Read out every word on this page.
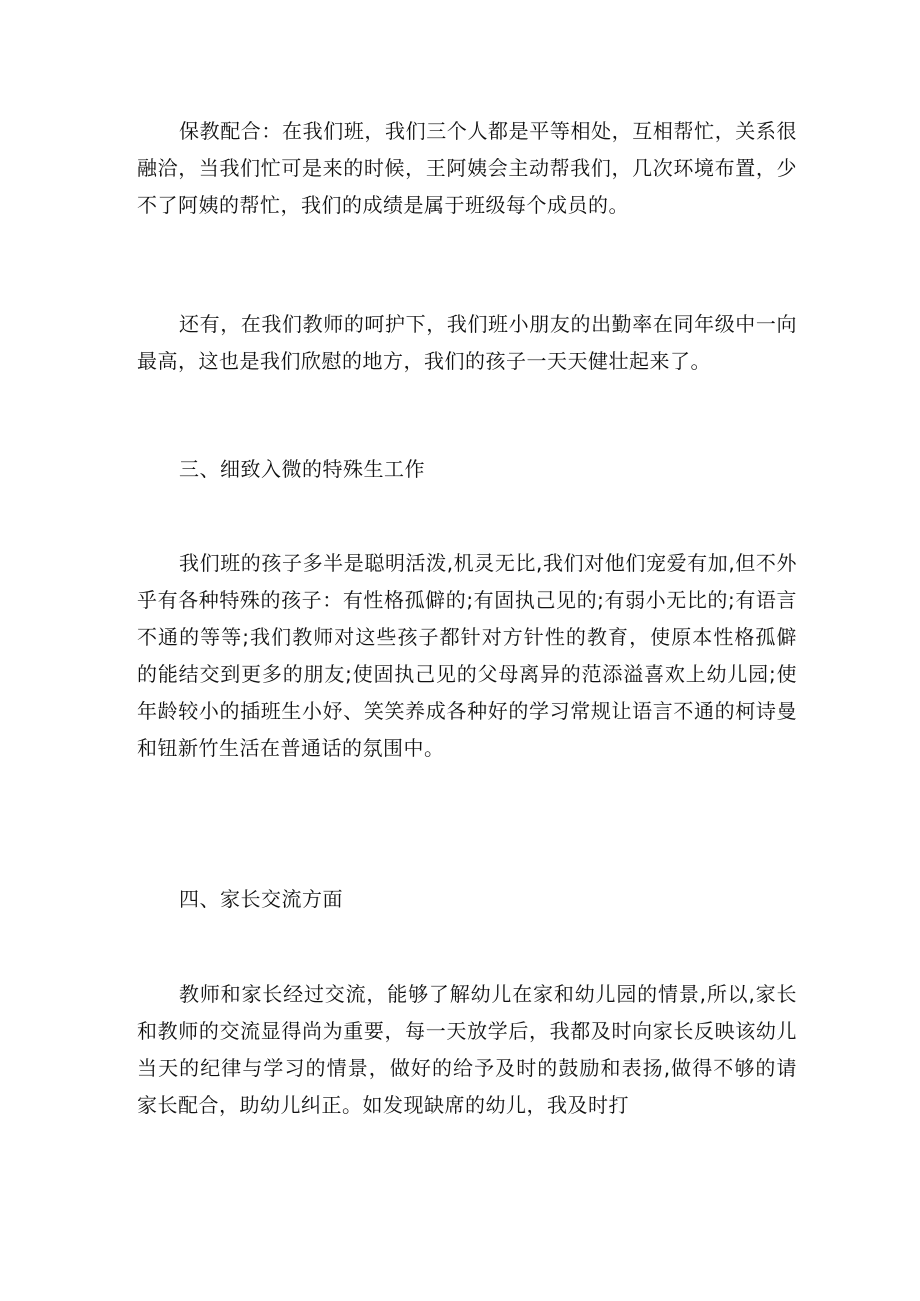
保教配合：在我们班，我们三个人都是平等相处，互相帮忙，关系很融洽，当我们忙可是来的时候，王阿姨会主动帮我们，几次环境布置，少不了阿姨的帮忙，我们的成绩是属于班级每个成员的。

还有，在我们教师的呵护下，我们班小朋友的出勤率在同年级中一向最高，这也是我们欣慰的地方，我们的孩子一天天健壮起来了。

三、细致入微的特殊生工作

我们班的孩子多半是聪明活泼,机灵无比,我们对他们宠爱有加,但不外乎有各种特殊的孩子：有性格孤僻的;有固执己见的;有弱小无比的;有语言不通的等等;我们教师对这些孩子都针对方针性的教育，使原本性格孤僻的能结交到更多的朋友;使固执己见的父母离异的范添溢喜欢上幼儿园;使年龄较小的插班生小妤、笑笑养成各种好的学习常规让语言不通的柯诗曼和钮新竹生活在普通话的氛围中。

四、家长交流方面

教师和家长经过交流，能够了解幼儿在家和幼儿园的情景,所以,家长和教师的交流显得尚为重要，每一天放学后，我都及时向家长反映该幼儿当天的纪律与学习的情景，做好的给予及时的鼓励和表扬,做得不够的请家长配合，助幼儿纠正。如发现缺席的幼儿，我及时打
